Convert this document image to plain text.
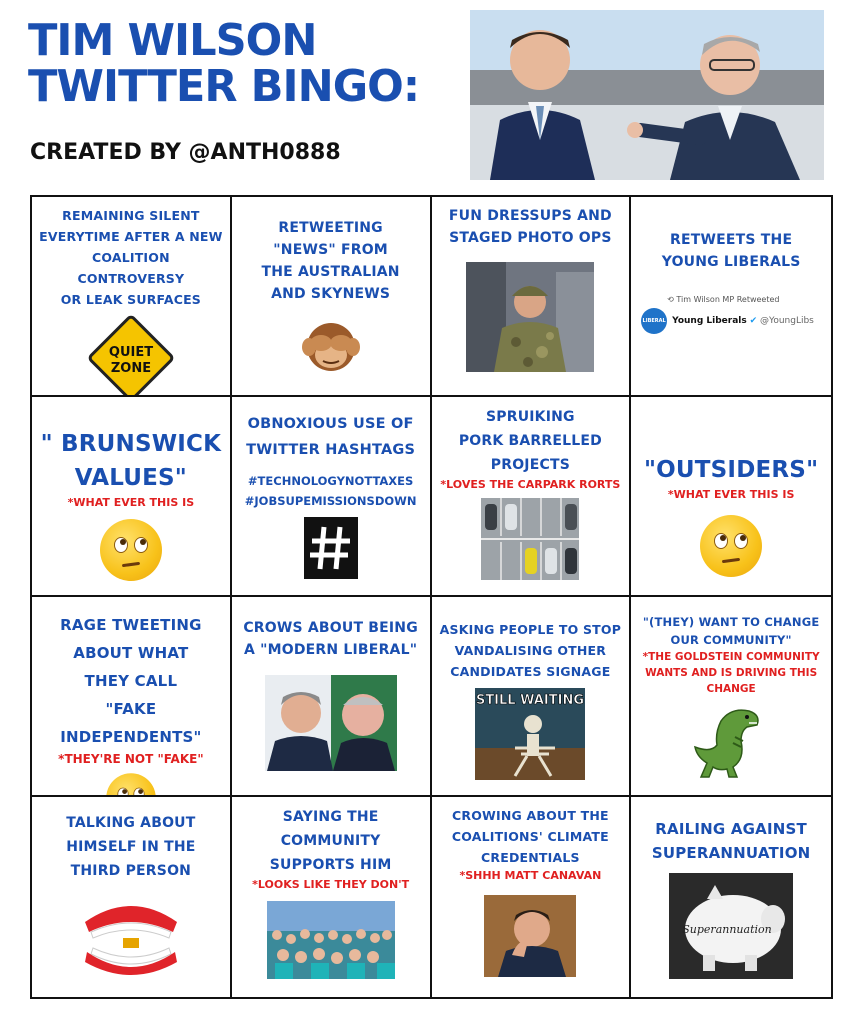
TIM WILSON
TWITTER BINGO:
CREATED BY @ANTH0888
REMAINING SILENT
EVERYTIME AFTER A NEW
COALITION CONTROVERSY
OR LEAK SURFACES
QUIET
ZONE
RETWEETING
"NEWS" FROM
THE AUSTRALIAN
AND SKYNEWS
FUN DRESSUPS AND
STAGED PHOTO OPS	RETWEETS THE
YOUNG LIBERALS
⟲ Tim Wilson MP Retweeted
LIBERAL Young Liberals ✔ @YoungLibs
" BRUNSWICK
VALUES"
*WHAT EVER THIS IS
OBNOXIOUS USE OF
TWITTER HASHTAGS
#TECHNOLOGYNOTTAXES
#JOBSUPEMISSIONSDOWN
SPRUIKING
PORK BARRELLED
PROJECTS
*LOVES THE CARPARK RORTS
"OUTSIDERS"
*WHAT EVER THIS IS
RAGE TWEETING
ABOUT WHAT
THEY CALL
"FAKE INDEPENDENTS"
*THEY'RE NOT "FAKE"
CROWS ABOUT BEING
A "MODERN LIBERAL"
ASKING PEOPLE TO STOP
VANDALISING OTHER
CANDIDATES SIGNAGE
STILL WAITING
"(THEY) WANT TO CHANGE
OUR COMMUNITY"
*THE GOLDSTEIN COMMUNITY
WANTS AND IS DRIVING THIS
CHANGE
TALKING ABOUT
HIMSELF IN THE
THIRD PERSON
SAYING THE
COMMUNITY
SUPPORTS HIM
*LOOKS LIKE THEY DON'T
CROWING ABOUT THE
COALITIONS' CLIMATE
CREDENTIALS
*SHHH MATT CANAVAN
RAILING AGAINST
SUPERANNUATION
Superannuation
